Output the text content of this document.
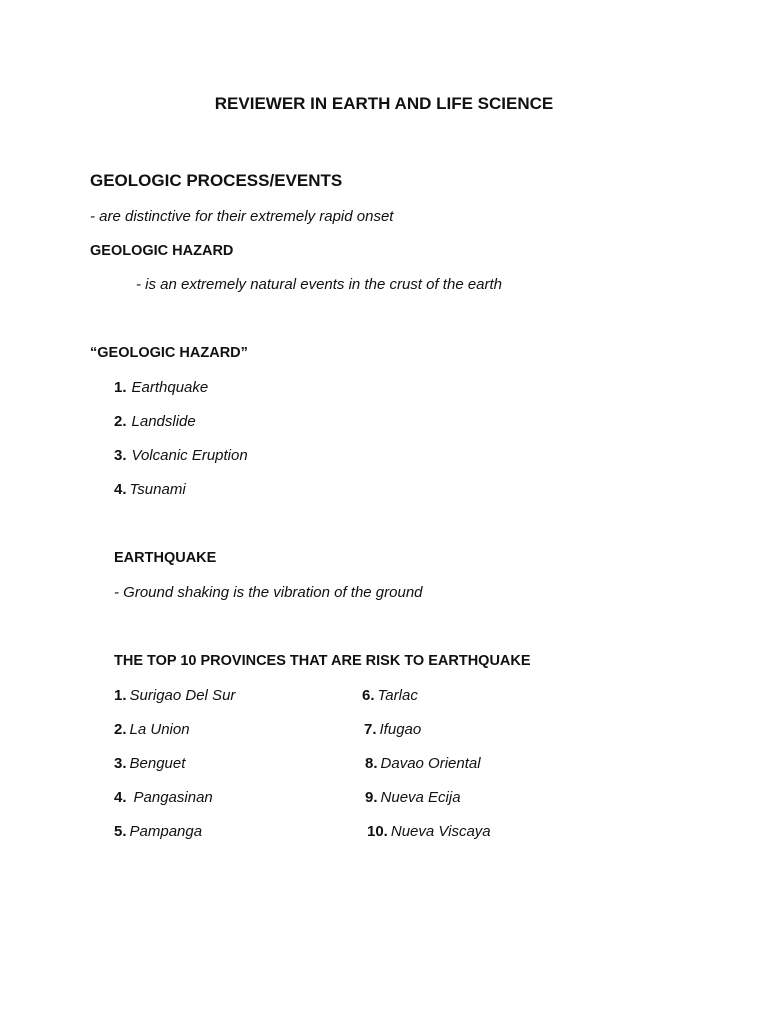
REVIEWER IN EARTH AND LIFE SCIENCE
GEOLOGIC PROCESS/EVENTS
- are distinctive for their extremely rapid onset
GEOLOGIC HAZARD
- is an extremely natural events in the crust of the earth
“GEOLOGIC HAZARD”
1. Earthquake
2. Landslide
3. Volcanic Eruption
4. Tsunami
EARTHQUAKE
- Ground shaking is the vibration of the ground
THE TOP 10 PROVINCES THAT ARE RISK TO EARTHQUAKE
1. Surigao Del Sur
2. La Union
3. Benguet
4. Pangasinan
5. Pampanga
6. Tarlac
7. Ifugao
8. Davao Oriental
9. Nueva Ecija
10. Nueva Viscaya
